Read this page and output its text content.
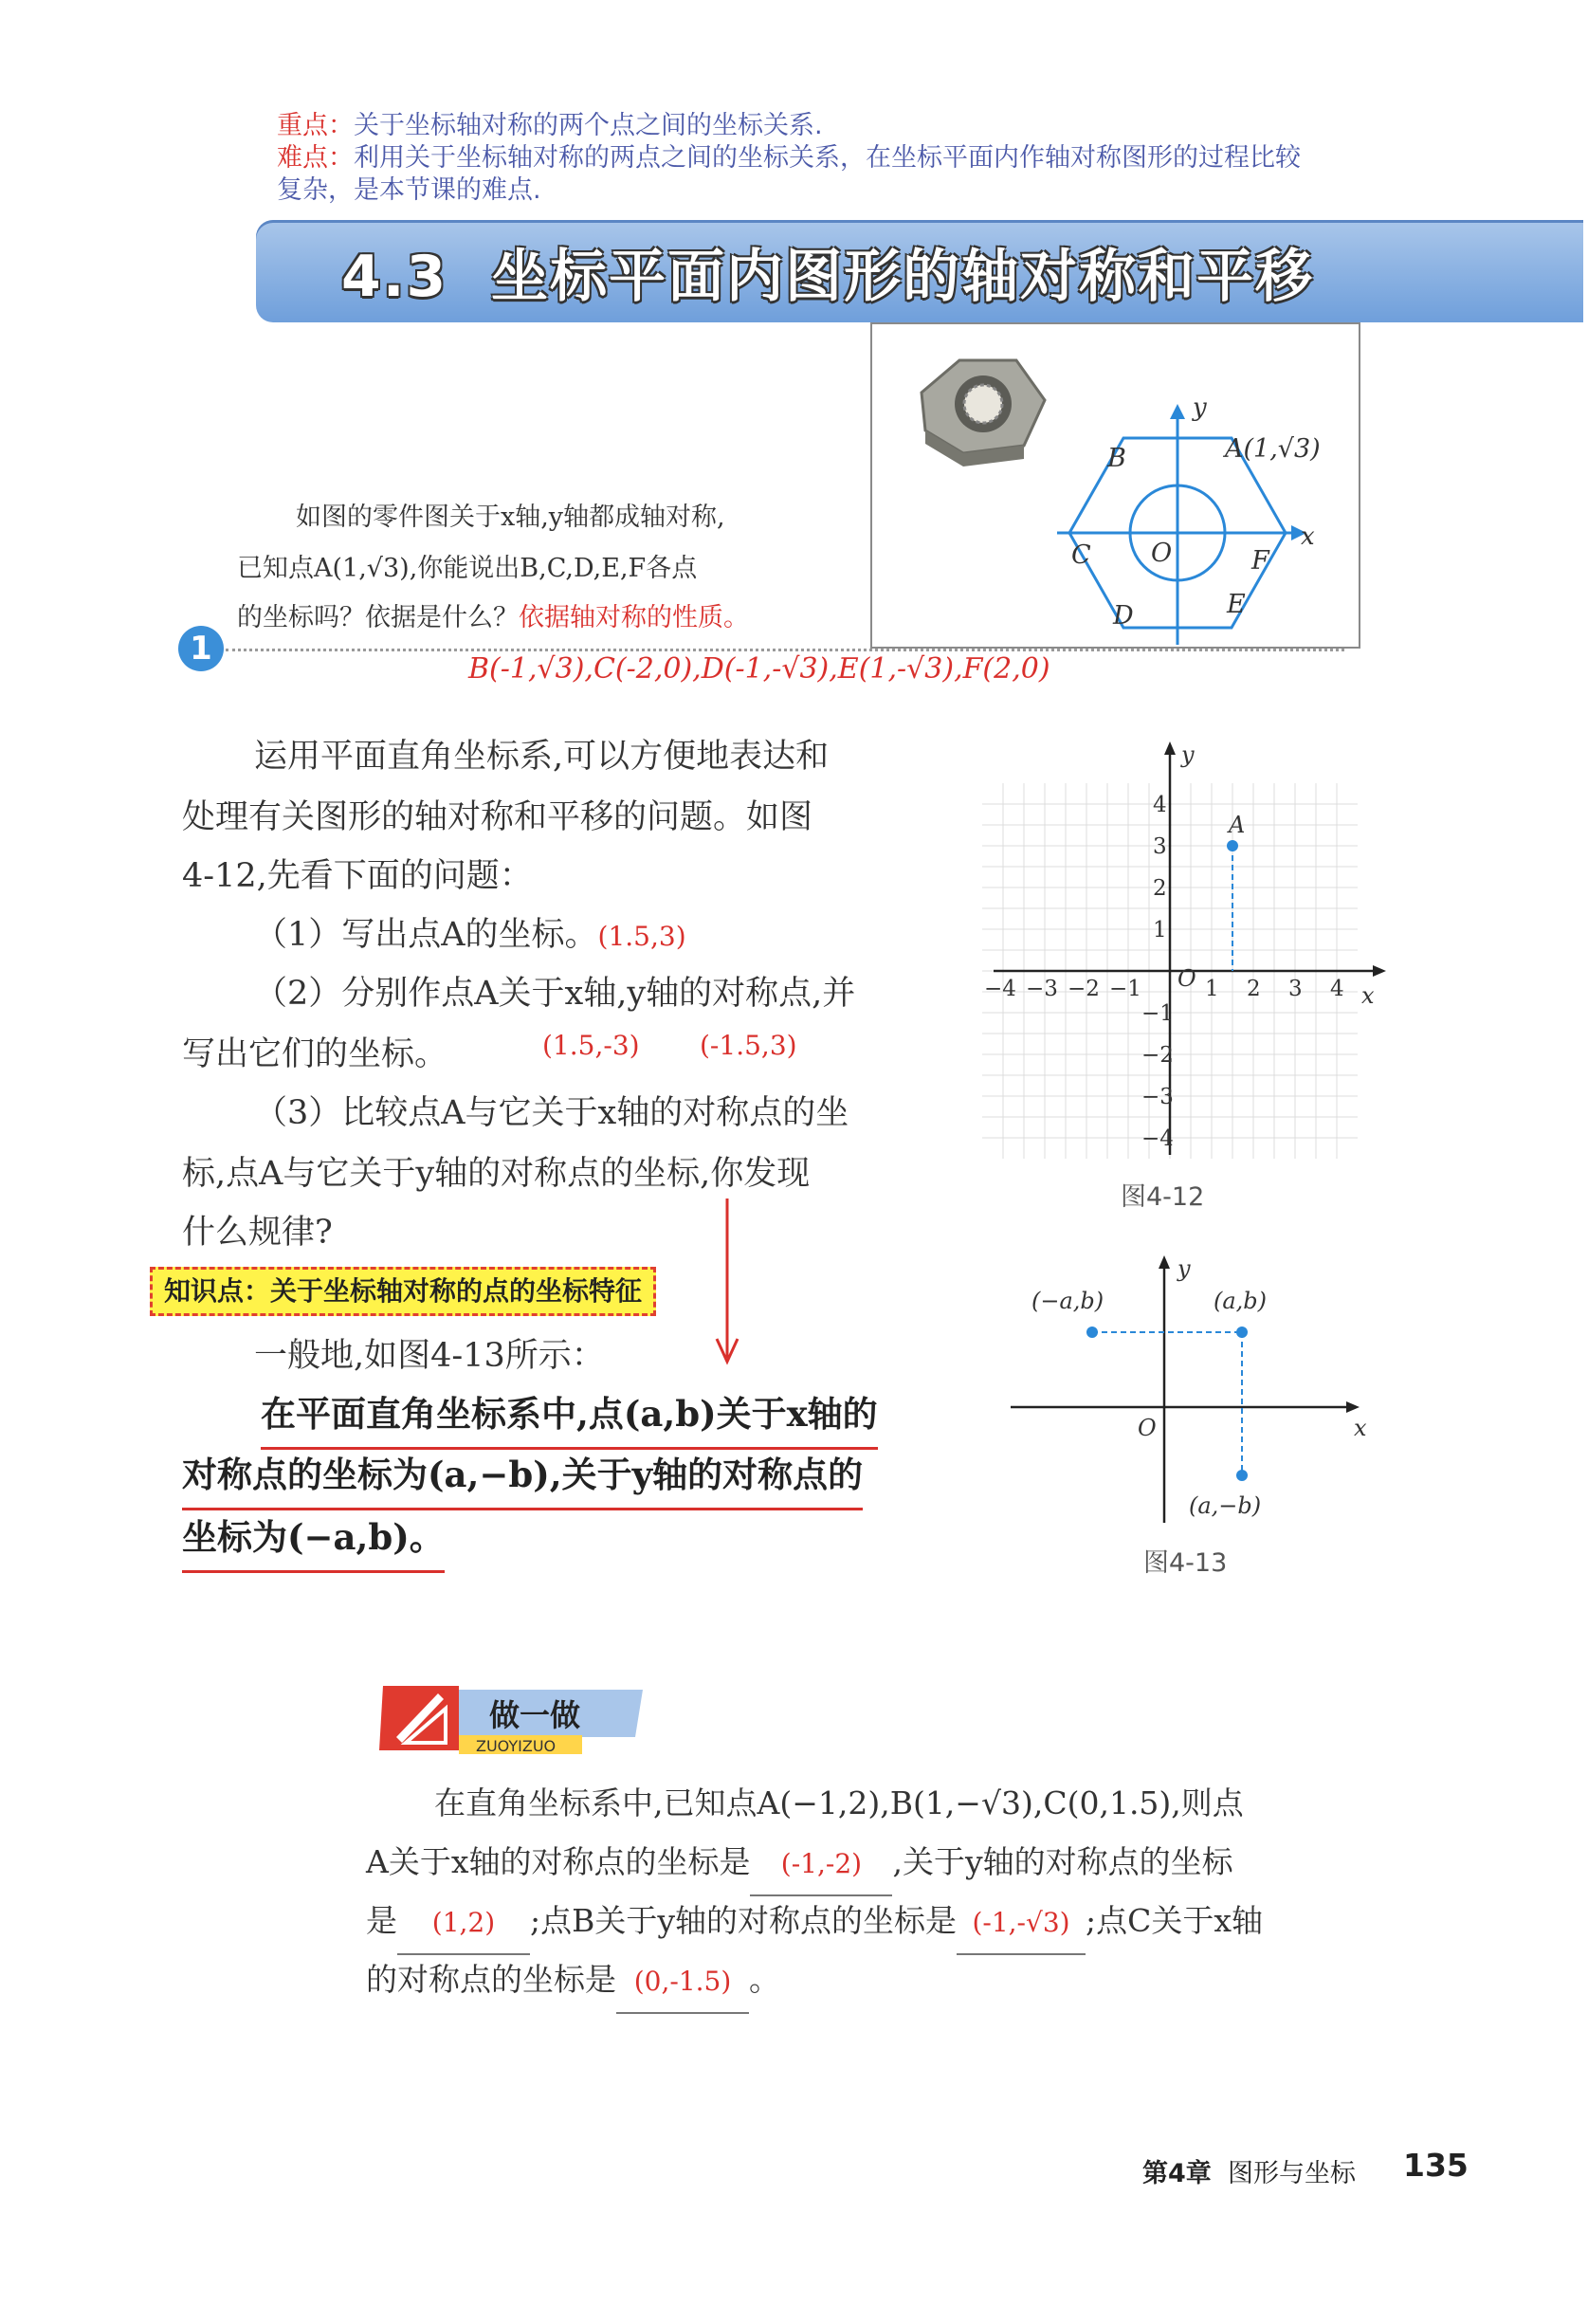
重点：关于坐标轴对称的两个点之间的坐标关系.
难点：利用关于坐标轴对称的两点之间的坐标关系，在坐标平面内作轴对称图形的过程比较
复杂，是本节课的难点.
4.3 坐标平面内图形的轴对称和平移
B
y
A(1,√3)
C O	F
x
D	E
如图的零件图关于x轴,y轴都成轴对称,
已知点A(1,√3),你能说出B,C,D,E,F各点
的坐标吗？依据是什么？依据轴对称的性质。
1
B(-1,√3),C(-2,0),D(-1,-√3),E(1,-√3),F(2,0)
运用平面直角坐标系,可以方便地表达和
处理有关图形的轴对称和平移的问题。如图
4-12,先看下面的问题：
（1）写出点A的坐标。(1.5,3)
（2）分别作点A关于x轴,y轴的对称点,并
写出它们的坐标。	(1.5,-3) (-1.5,3)
（3）比较点A与它关于x轴的对称点的坐
标,点A与它关于y轴的对称点的坐标,你发现
什么规律?
知识点：关于坐标轴对称的点的坐标特征
一般地,如图4-13所示：
在平面直角坐标系中,点(a,b)关于x轴的
对称点的坐标为(a,−b),关于y轴的对称点的
坐标为(−a,b)。
−4 −3 −2 −1	1 2 3 4
4
3
2
1
−1
−2
−3
−4
O
x
y
A
图4-12
(−a,b)	(a,b)
(a,−b)
O	x
y
图4-13
做一做
ZUOYIZUO
在直角坐标系中,已知点A(−1,2),B(1,−√3),C(0,1.5),则点
A关于x轴的对称点的坐标是 (-1,-2) ,关于y轴的对称点的坐标
是 (1,2) ;点B关于y轴的对称点的坐标是 (-1,-√3) ;点C关于x轴
的对称点的坐标是 (0,-1.5) 。
第4章 图形与坐标 135
